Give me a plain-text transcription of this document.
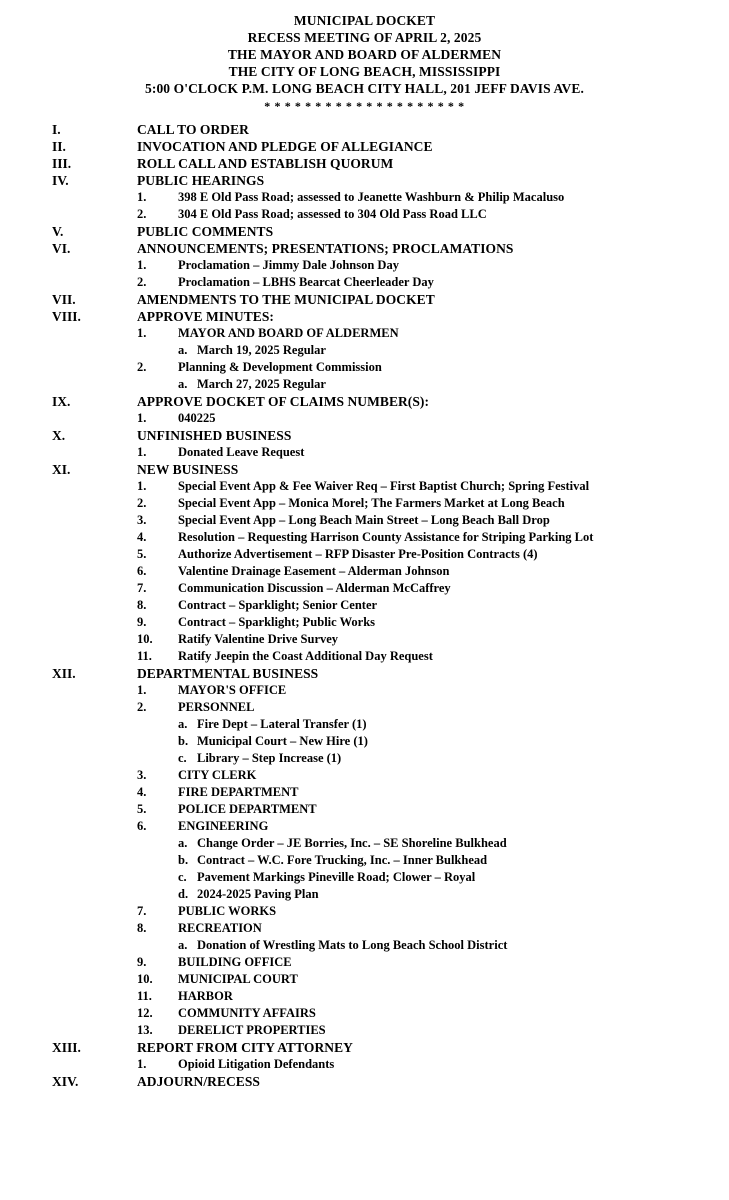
MUNICIPAL DOCKET
RECESS MEETING OF APRIL 2, 2025
THE MAYOR AND BOARD OF ALDERMEN
THE CITY OF LONG BEACH, MISSISSIPPI
5:00 O'CLOCK P.M. LONG BEACH CITY HALL, 201 JEFF DAVIS AVE.
* * * * * * * * * * * * * * * * * * * *
I.	CALL TO ORDER
II.	INVOCATION AND PLEDGE OF ALLEGIANCE
III.	ROLL CALL AND ESTABLISH QUORUM
IV.	PUBLIC HEARINGS
1.	398 E Old Pass Road; assessed to Jeanette Washburn & Philip Macaluso
2.	304 E Old Pass Road; assessed to 304 Old Pass Road LLC
V.	PUBLIC COMMENTS
VI.	ANNOUNCEMENTS; PRESENTATIONS; PROCLAMATIONS
1.	Proclamation – Jimmy Dale Johnson Day
2.	Proclamation – LBHS Bearcat Cheerleader Day
VII.	AMENDMENTS TO THE MUNICIPAL DOCKET
VIII.	APPROVE MINUTES:
1.	MAYOR AND BOARD OF ALDERMEN
a. March 19, 2025 Regular
2.	Planning & Development Commission
a. March 27, 2025 Regular
IX.	APPROVE DOCKET OF CLAIMS NUMBER(S):
1.	040225
X.	UNFINISHED BUSINESS
1.	Donated Leave Request
XI.	NEW BUSINESS
1.	Special Event App & Fee Waiver Req – First Baptist Church; Spring Festival
2.	Special Event App – Monica Morel; The Farmers Market at Long Beach
3.	Special Event App – Long Beach Main Street – Long Beach Ball Drop
4.	Resolution – Requesting Harrison County Assistance for Striping Parking Lot
5.	Authorize Advertisement – RFP Disaster Pre-Position Contracts (4)
6.	Valentine Drainage Easement – Alderman Johnson
7.	Communication Discussion – Alderman McCaffrey
8.	Contract – Sparklight; Senior Center
9.	Contract – Sparklight; Public Works
10. Ratify Valentine Drive Survey
11. Ratify Jeepin the Coast Additional Day Request
XII.	DEPARTMENTAL BUSINESS
1.	MAYOR'S OFFICE
2.	PERSONNEL
a. Fire Dept – Lateral Transfer (1)
b. Municipal Court – New Hire (1)
c. Library – Step Increase (1)
3.	CITY CLERK
4.	FIRE DEPARTMENT
5.	POLICE DEPARTMENT
6.	ENGINEERING
a. Change Order – JE Borries, Inc. – SE Shoreline Bulkhead
b. Contract – W.C. Fore Trucking, Inc. – Inner Bulkhead
c. Pavement Markings Pineville Road; Clower – Royal
d. 2024-2025 Paving Plan
7.	PUBLIC WORKS
8.	RECREATION
a. Donation of Wrestling Mats to Long Beach School District
9.	BUILDING OFFICE
10. MUNICIPAL COURT
11. HARBOR
12. COMMUNITY AFFAIRS
13. DERELICT PROPERTIES
XIII.	REPORT FROM CITY ATTORNEY
1.	Opioid Litigation Defendants
XIV.	ADJOURN/RECESS
